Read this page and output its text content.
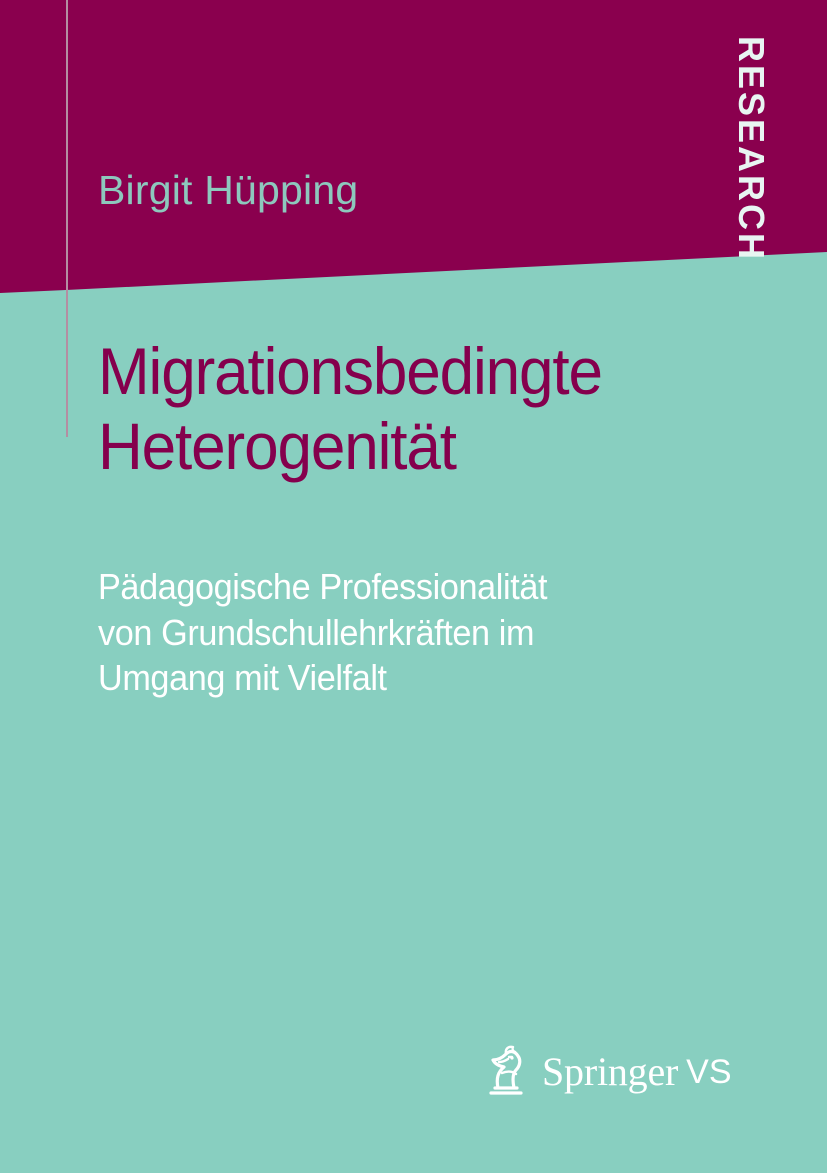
Birgit Hüpping	RESEARCH
Migrationsbedingte
Heterogenität

Pädagogische Professionalität
von Grundschullehrkräften im
Umgang mit Vielfalt

Springer VS
